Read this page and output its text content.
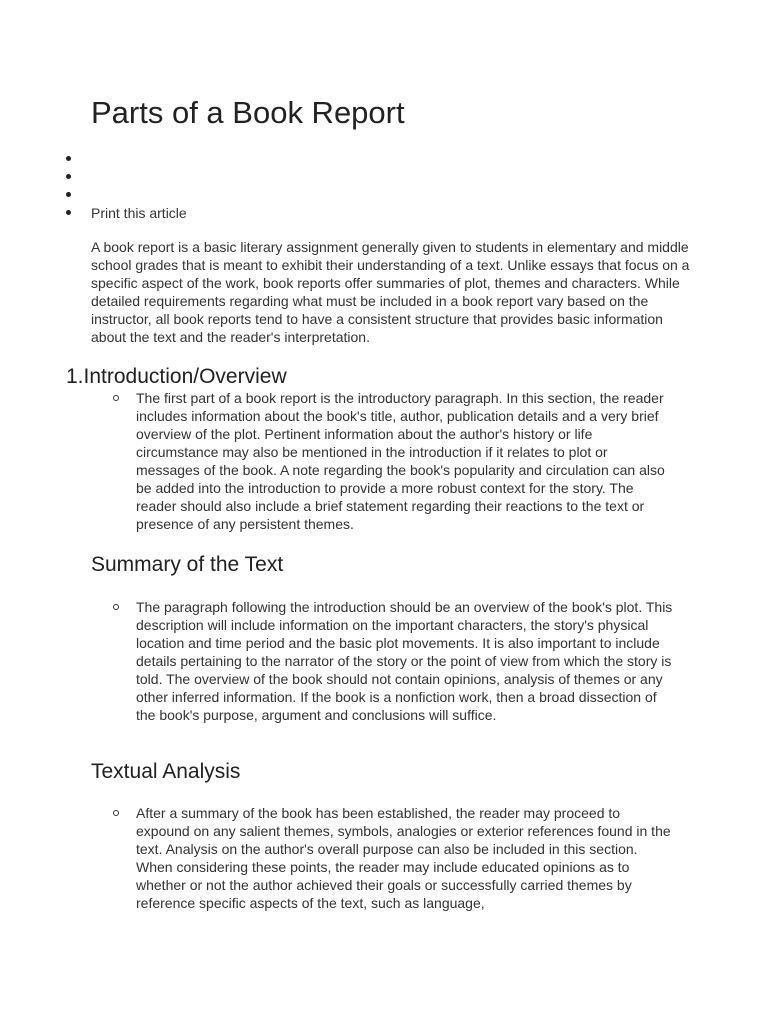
Parts of a Book Report
Print this article

A book report is a basic literary assignment generally given to students in elementary and middle school grades that is meant to exhibit their understanding of a text. Unlike essays that focus on a specific aspect of the work, book reports offer summaries of plot, themes and characters. While detailed requirements regarding what must be included in a book report vary based on the instructor, all book reports tend to have a consistent structure that provides basic information about the text and the reader's interpretation.

1.Introduction/Overview

The first part of a book report is the introductory paragraph. In this section, the reader includes information about the book's title, author, publication details and a very brief overview of the plot. Pertinent information about the author's history or life circumstance may also be mentioned in the introduction if it relates to plot or messages of the book. A note regarding the book's popularity and circulation can also be added into the introduction to provide a more robust context for the story. The reader should also include a brief statement regarding their reactions to the text or presence of any persistent themes.

Summary of the Text

The paragraph following the introduction should be an overview of the book's plot. This description will include information on the important characters, the story's physical location and time period and the basic plot movements. It is also important to include details pertaining to the narrator of the story or the point of view from which the story is told. The overview of the book should not contain opinions, analysis of themes or any other inferred information. If the book is a nonfiction work, then a broad dissection of the book's purpose, argument and conclusions will suffice.

Textual Analysis

After a summary of the book has been established, the reader may proceed to expound on any salient themes, symbols, analogies or exterior references found in the text. Analysis on the author's overall purpose can also be included in this section. When considering these points, the reader may include educated opinions as to whether or not the author achieved their goals or successfully carried themes by reference specific aspects of the text, such as language,
